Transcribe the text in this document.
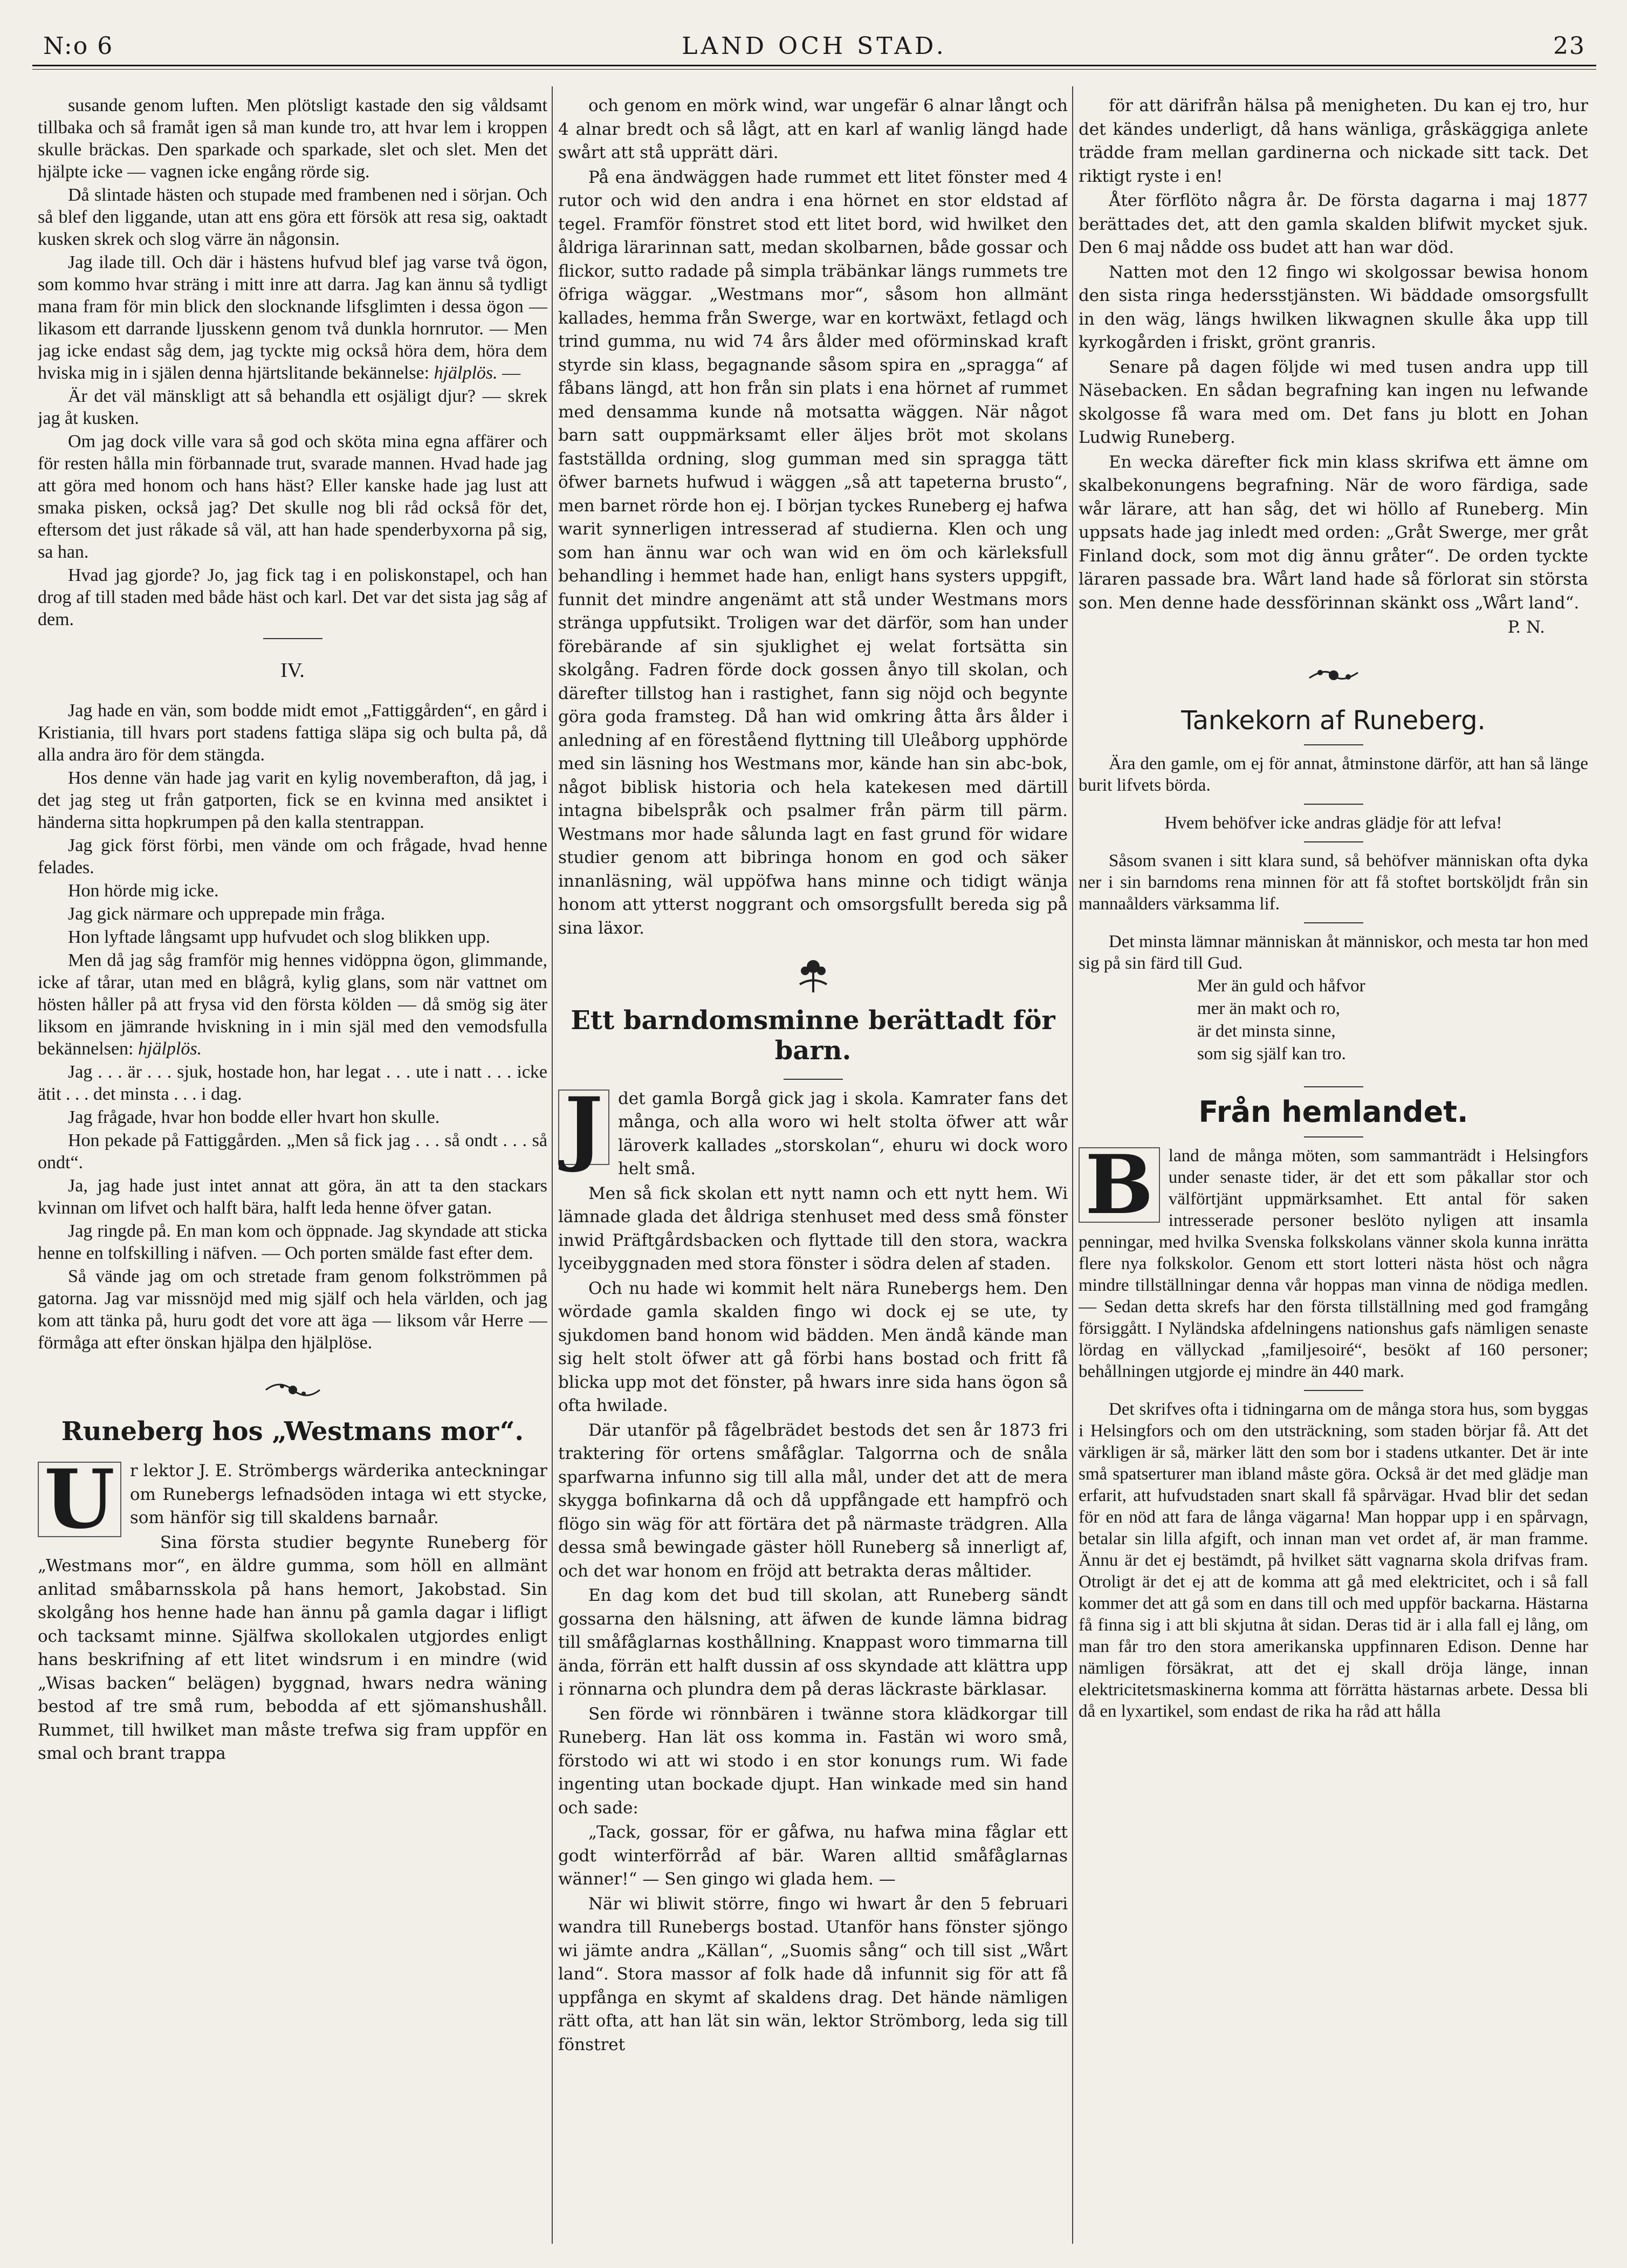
N:o 6	LAND OCH STAD.	23

susande genom luften. Men plötsligt kastade den sig våldsamt tillbaka och så framåt igen så man kunde tro, att hvar lem i kroppen skulle bräckas. Den sparkade och sparkade, slet och slet. Men det hjälpte icke — vagnen icke engång rörde sig.

Då slintade hästen och stupade med frambenen ned i sörjan. Och så blef den liggande, utan att ens göra ett försök att resa sig, oaktadt kusken skrek och slog värre än någonsin.

Jag ilade till. Och där i hästens hufvud blef jag varse två ögon, som kommo hvar sträng i mitt inre att darra. Jag kan ännu så tydligt mana fram för min blick den slocknande lifsglimten i dessa ögon — likasom ett darrande ljusskenn genom två dunkla hornrutor. — Men jag icke endast såg dem, jag tyckte mig också höra dem, höra dem hviska mig in i själen denna hjärtslitande bekännelse: hjälplös. —

Är det väl mänskligt att så behandla ett osjäligt djur? — skrek jag åt kusken.

Om jag dock ville vara så god och sköta mina egna affärer och för resten hålla min förbannade trut, svarade mannen. Hvad hade jag att göra med honom och hans häst? Eller kanske hade jag lust att smaka pisken, också jag? Det skulle nog bli råd också för det, eftersom det just råkade så väl, att han hade spenderbyxorna på sig, sa han.

Hvad jag gjorde? Jo, jag fick tag i en poliskonstapel, och han drog af till staden med både häst och karl. Det var det sista jag såg af dem.

IV.

Jag hade en vän, som bodde midt emot „Fattiggården“, en gård i Kristiania, till hvars port stadens fattiga släpa sig och bulta på, då alla andra äro för dem stängda.

Hos denne vän hade jag varit en kylig novemberafton, då jag, i det jag steg ut från gatporten, fick se en kvinna med ansiktet i händerna sitta hopkrumpen på den kalla stentrappan.

Jag gick först förbi, men vände om och frågade, hvad henne felades.

Hon hörde mig icke.

Jag gick närmare och upprepade min fråga.

Hon lyftade långsamt upp hufvudet och slog blikken upp.

Men då jag såg framför mig hennes vidöppna ögon, glimmande, icke af tårar, utan med en blågrå, kylig glans, som när vattnet om hösten håller på att frysa vid den första kölden — då smög sig äter liksom en jämrande hviskning in i min själ med den vemodsfulla bekännelsen: hjälplös.

Jag . . . är . . . sjuk, hostade hon, har legat . . . ute i natt . . . icke ätit . . . det minsta . . . i dag.

Jag frågade, hvar hon bodde eller hvart hon skulle.

Hon pekade på Fattiggården. „Men så fick jag . . . så ondt . . . så ondt“.

Ja, jag hade just intet annat att göra, än att ta den stackars kvinnan om lifvet och halft bära, halft leda henne öfver gatan.

Jag ringde på. En man kom och öppnade. Jag skyndade att sticka henne en tolfskilling i näfven. — Och porten smälde fast efter dem.

Så vände jag om och stretade fram genom folkströmmen på gatorna. Jag var missnöjd med mig själf och hela världen, och jag kom att tänka på, huru godt det vore att äga — liksom vår Herre — förmåga att efter önskan hjälpa den hjälplöse.

Runeberg hos „Westmans mor“.

U r lektor J. E. Strömbergs wärderika anteckningar om Runebergs lefnadsöden intaga wi ett stycke, som hänför sig till skaldens barnaår.

Sina första studier begynte Runeberg för „Westmans mor“, en äldre gumma, som höll en allmänt anlitad småbarnsskola på hans hemort, Jakobstad. Sin skolgång hos henne hade han ännu på gamla dagar i lifligt och tacksamt minne. Själfwa skollokalen utgjordes enligt hans beskrifning af ett litet windsrum i en mindre (wid „Wisas backen“ belägen) byggnad, hwars nedra wäning bestod af tre små rum, bebodda af ett sjömanshushåll. Rummet, till hwilket man måste trefwa sig fram uppför en smal och brant trappa

och genom en mörk wind, war ungefär 6 alnar långt och 4 alnar bredt och så lågt, att en karl af wanlig längd hade swårt att stå upprätt däri.

På ena ändwäggen hade rummet ett litet fönster med 4 rutor och wid den andra i ena hörnet en stor eldstad af tegel. Framför fönstret stod ett litet bord, wid hwilket den åldriga lärarinnan satt, medan skolbarnen, både gossar och flickor, sutto radade på simpla träbänkar längs rummets tre öfriga wäggar. „Westmans mor“, såsom hon allmänt kallades, hemma från Swerge, war en kortwäxt, fetlagd och trind gumma, nu wid 74 års ålder med oförminskad kraft styrde sin klass, begagnande såsom spira en „spragga“ af fåbans längd, att hon från sin plats i ena hörnet af rummet med densamma kunde nå motsatta wäggen. När något barn satt ouppmärksamt eller äljes bröt mot skolans fastställda ordning, slog gumman med sin spragga tätt öfwer barnets hufwud i wäggen „så att tapeterna brusto“, men barnet rörde hon ej. I början tyckes Runeberg ej hafwa warit synnerligen intresserad af studierna. Klen och ung som han ännu war och wan wid en öm och kärleksfull behandling i hemmet hade han, enligt hans systers uppgift, funnit det mindre angenämt att stå under Westmans mors stränga uppfutsikt. Troligen war det därför, som han under förebärande af sin sjuklighet ej welat fortsätta sin skolgång. Fadren förde dock gossen ånyo till skolan, och därefter tillstog han i rastighet, fann sig nöjd och begynte göra goda framsteg. Då han wid omkring åtta års ålder i anledning af en föreståend flyttning till Uleåborg upphörde med sin läsning hos Westmans mor, kände han sin abc-bok, något biblisk historia och hela katekesen med därtill intagna bibelspråk och psalmer från pärm till pärm. Westmans mor hade sålunda lagt en fast grund för widare studier genom att bibringa honom en god och säker innanläsning, wäl uppöfwa hans minne och tidigt wänja honom att ytterst noggrant och omsorgsfullt bereda sig på sina läxor.

Ett barndomsminne berättadt för barn.

J det gamla Borgå gick jag i skola. Kamrater fans det många, och alla woro wi helt stolta öfwer att wår läroverk kallades „storskolan“, ehuru wi dock woro helt små.

Men så fick skolan ett nytt namn och ett nytt hem. Wi lämnade glada det åldriga stenhuset med dess små fönster inwid Präftgårdsbacken och flyttade till den stora, wackra lyceibyggnaden med stora fönster i södra delen af staden.

Och nu hade wi kommit helt nära Runebergs hem. Den wördade gamla skalden fingo wi dock ej se ute, ty sjukdomen band honom wid bädden. Men ändå kände man sig helt stolt öfwer att gå förbi hans bostad och fritt få blicka upp mot det fönster, på hwars inre sida hans ögon så ofta hwilade.

Där utanför på fågelbrädet bestods det sen år 1873 fri traktering för ortens småfåglar. Talgorrna och de snåla sparfwarna infunno sig till alla mål, under det att de mera skygga bofinkarna då och då uppfångade ett hampfrö och flögo sin wäg för att förtära det på närmaste trädgren. Alla dessa små bewingade gäster höll Runeberg så innerligt af, och det war honom en fröjd att betrakta deras måltider.

En dag kom det bud till skolan, att Runeberg sändt gossarna den hälsning, att äfwen de kunde lämna bidrag till småfåglarnas kosthållning. Knappast woro timmarna till ända, förrän ett halft dussin af oss skyndade att klättra upp i rönnarna och plundra dem på deras läckraste bärklasar.

Sen förde wi rönnbären i twänne stora klädkorgar till Runeberg. Han lät oss komma in. Fastän wi woro små, förstodo wi att wi stodo i en stor konungs rum. Wi fade ingenting utan bockade djupt. Han winkade med sin hand och sade:

„Tack, gossar, för er gåfwa, nu hafwa mina fåglar ett godt winterförråd af bär. Waren alltid småfåglarnas wänner!“ — Sen gingo wi glada hem. —

När wi bliwit större, fingo wi hwart år den 5 februari wandra till Runebergs bostad. Utanför hans fönster sjöngo wi jämte andra „Källan“, „Suomis sång“ och till sist „Wårt land“. Stora massor af folk hade då infunnit sig för att få uppfånga en skymt af skaldens drag. Det hände nämligen rätt ofta, att han lät sin wän, lektor Strömborg, leda sig till fönstret

för att därifrån hälsa på menigheten. Du kan ej tro, hur det kändes underligt, då hans wänliga, gråskäggiga anlete trädde fram mellan gardinerna och nickade sitt tack. Det riktigt ryste i en!

Åter förflöto några år. De första dagarna i maj 1877 berättades det, att den gamla skalden blifwit mycket sjuk. Den 6 maj nådde oss budet att han war död.

Natten mot den 12 fingo wi skolgossar bewisa honom den sista ringa hedersstjänsten. Wi bäddade omsorgsfullt in den wäg, längs hwilken likwagnen skulle åka upp till kyrkogården i friskt, grönt granris.

Senare på dagen följde wi med tusen andra upp till Näsebacken. En sådan begrafning kan ingen nu lefwande skolgosse få wara med om. Det fans ju blott en Johan Ludwig Runeberg.

En wecka därefter fick min klass skrifwa ett ämne om skalbekonungens begrafning. När de woro färdiga, sade wår lärare, att han såg, det wi höllo af Runeberg. Min uppsats hade jag inledt med orden: „Gråt Swerge, mer gråt Finland dock, som mot dig ännu gråter“. De orden tyckte läraren passade bra. Wårt land hade så förlorat sin största son. Men denne hade dessförinnan skänkt oss „Wårt land“.

P. N.

Tankekorn af Runeberg.

Ära den gamle, om ej för annat, åtminstone därför, att han så länge burit lifvets börda.

Hvem behöfver icke andras glädje för att lefva!

Såsom svanen i sitt klara sund, så behöfver människan ofta dyka ner i sin barndoms rena minnen för att få stoftet bortsköljdt från sin mannaålders värksamma lif.

Det minsta lämnar människan åt människor, och mesta tar hon med sig på sin färd till Gud.

Mer än guld och håfvor

mer än makt och ro,

är det minsta sinne,

som sig själf kan tro.

Från hemlandet.

B land de många möten, som sammanträdt i Helsingfors under senaste tider, är det ett som påkallar stor och välförtjänt uppmärksamhet. Ett antal för saken intresserade personer beslöto nyligen att insamla penningar, med hvilka Svenska folkskolans vänner skola kunna inrätta flere nya folkskolor. Genom ett stort lotteri nästa höst och några mindre tillställningar denna vår hoppas man vinna de nödiga medlen. — Sedan detta skrefs har den första tillställning med god framgång försiggått. I Nyländska afdelningens nationshus gafs nämligen senaste lördag en vällyckad „familjesoiré“, besökt af 160 personer; behållningen utgjorde ej mindre än 440 mark.

Det skrifves ofta i tidningarna om de många stora hus, som byggas i Helsingfors och om den utsträckning, som staden börjar få. Att det värkligen är så, märker lätt den som bor i stadens utkanter. Det är inte små spatserturer man ibland måste göra. Också är det med glädje man erfarit, att hufvudstaden snart skall få spårvägar. Hvad blir det sedan för en nöd att fara de långa vägarna! Man hoppar upp i en spårvagn, betalar sin lilla afgift, och innan man vet ordet af, är man framme. Ännu är det ej bestämdt, på hvilket sätt vagnarna skola drifvas fram. Otroligt är det ej att de komma att gå med elektricitet, och i så fall kommer det att gå som en dans till och med uppför backarna. Hästarna få finna sig i att bli skjutna åt sidan. Deras tid är i alla fall ej lång, om man får tro den stora amerikanska uppfinnaren Edison. Denne har nämligen försäkrat, att det ej skall dröja länge, innan elektricitetsmaskinerna komma att förrätta hästarnas arbete. Dessa bli då en lyxartikel, som endast de rika ha råd att hålla
